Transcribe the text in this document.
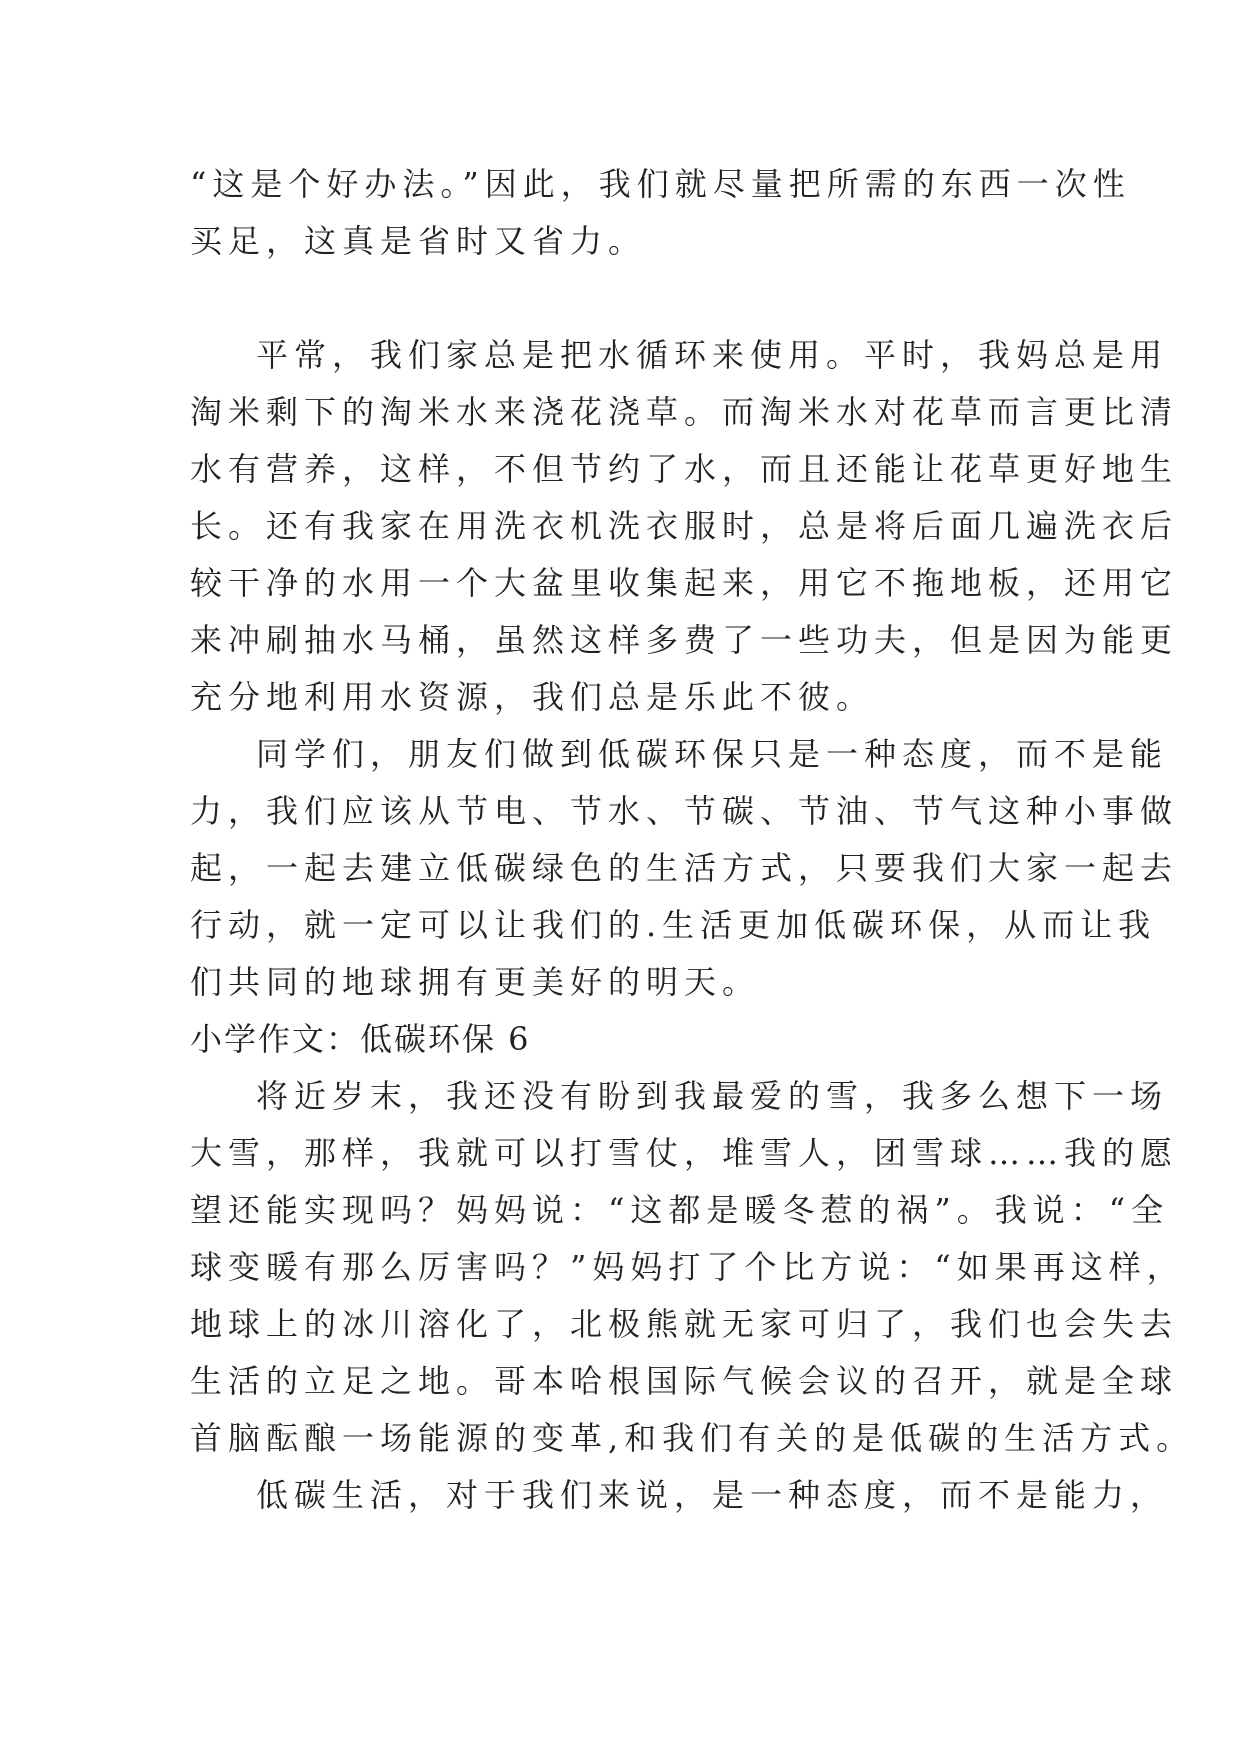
“这是个好办法。”因此，我们就尽量把所需的东西一次性
买足，这真是省时又省力。
平常，我们家总是把水循环来使用。平时，我妈总是用
淘米剩下的淘米水来浇花浇草。而淘米水对花草而言更比清
水有营养，这样，不但节约了水，而且还能让花草更好地生
长。还有我家在用洗衣机洗衣服时，总是将后面几遍洗衣后
较干净的水用一个大盆里收集起来，用它不拖地板，还用它
来冲刷抽水马桶，虽然这样多费了一些功夫，但是因为能更
充分地利用水资源，我们总是乐此不彼。
同学们，朋友们做到低碳环保只是一种态度，而不是能
力，我们应该从节电、节水、节碳、节油、节气这种小事做
起，一起去建立低碳绿色的生活方式，只要我们大家一起去
行动，就一定可以让我们的.生活更加低碳环保，从而让我
们共同的地球拥有更美好的明天。
小学作文：低碳环保 6
将近岁末，我还没有盼到我最爱的雪，我多么想下一场
大雪，那样，我就可以打雪仗，堆雪人，团雪球……我的愿
望还能实现吗？妈妈说：“这都是暖冬惹的祸”。我说：“全
球变暖有那么厉害吗？”妈妈打了个比方说：“如果再这样，
地球上的冰川溶化了，北极熊就无家可归了，我们也会失去
生活的立足之地。哥本哈根国际气候会议的召开，就是全球
首脑酝酿一场能源的变革,和我们有关的是低碳的生活方式。
低碳生活，对于我们来说，是一种态度，而不是能力，
